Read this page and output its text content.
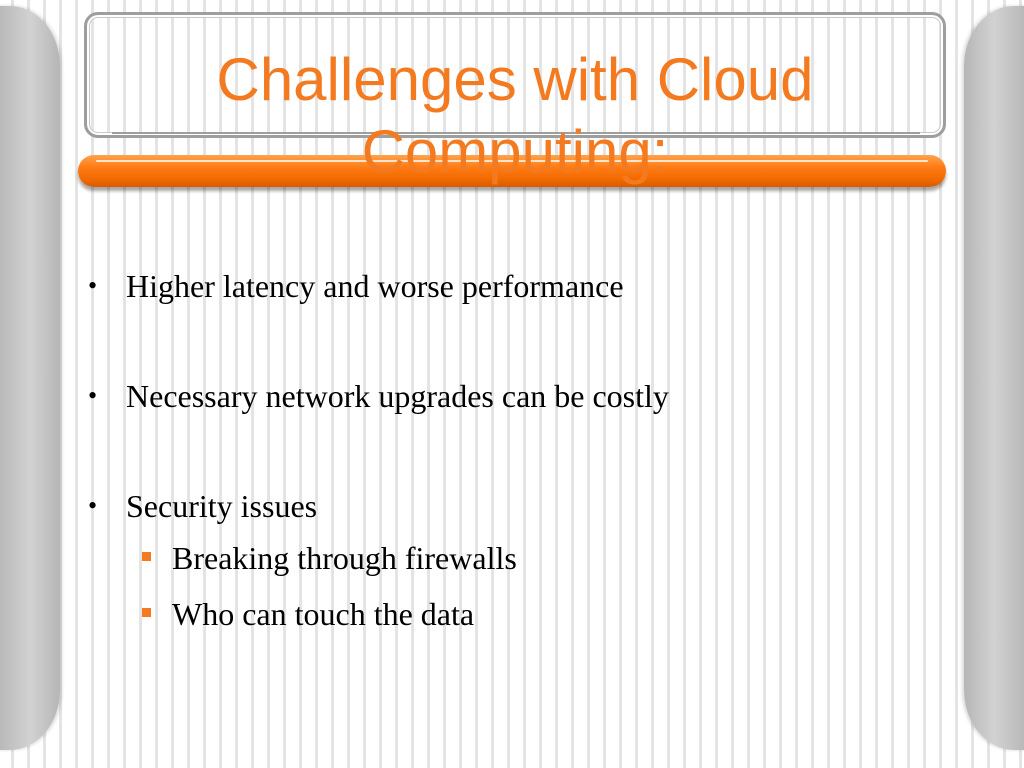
Challenges with Cloud Computing:
• Higher latency and worse performance
• Necessary network upgrades can be costly
• Security issues
Breaking through firewalls
Who can touch the data
